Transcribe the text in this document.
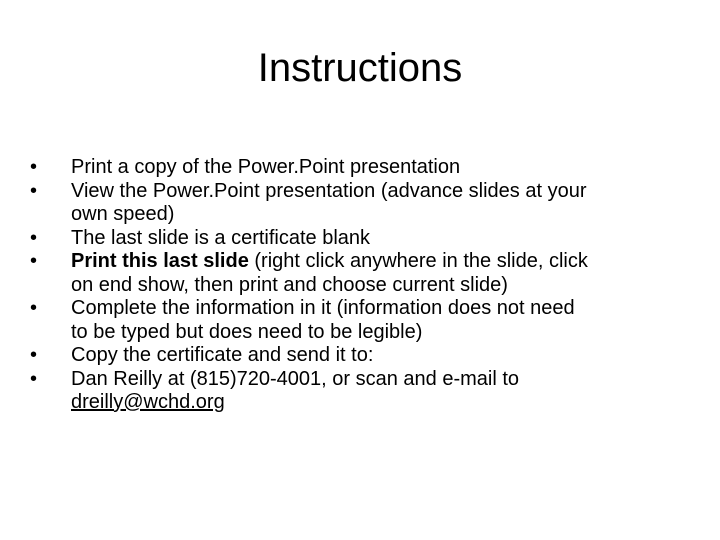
Instructions
•	Print a copy of the Power.Point presentation
•	View the Power.Point presentation (advance slides at your
own speed)
•	The last slide is a certificate blank
•	Print this last slide (right click anywhere in the slide, click
on end show, then print and choose current slide)
•	Complete the information in it (information does not need
to be typed but does need to be legible)
•	Copy the certificate and send it to:
•	Dan Reilly at (815)720-4001, or scan and e-mail to
dreilly@wchd.org
